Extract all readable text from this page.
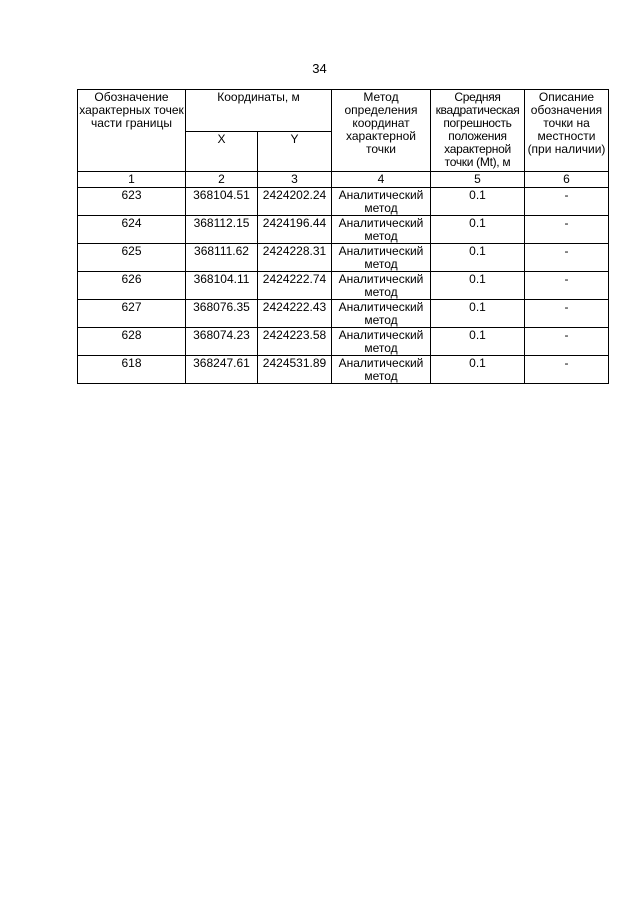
34
Обозначение характерных точек части границы	Координаты, м		Метод определения координат характерной точки	Средняя квадратическая погрешность положения характерной точки (Mt), м	Описание обозначения точки на местности (при наличии)
	X	Y			
1	2	3	4	5	6
623	368104.51	2424202.24	Аналитический метод	0.1	-
624	368112.15	2424196.44	Аналитический метод	0.1	-
625	368111.62	2424228.31	Аналитический метод	0.1	-
626	368104.11	2424222.74	Аналитический метод	0.1	-
627	368076.35	2424222.43	Аналитический метод	0.1	-
628	368074.23	2424223.58	Аналитический метод	0.1	-
618	368247.61	2424531.89	Аналитический метод	0.1	-
